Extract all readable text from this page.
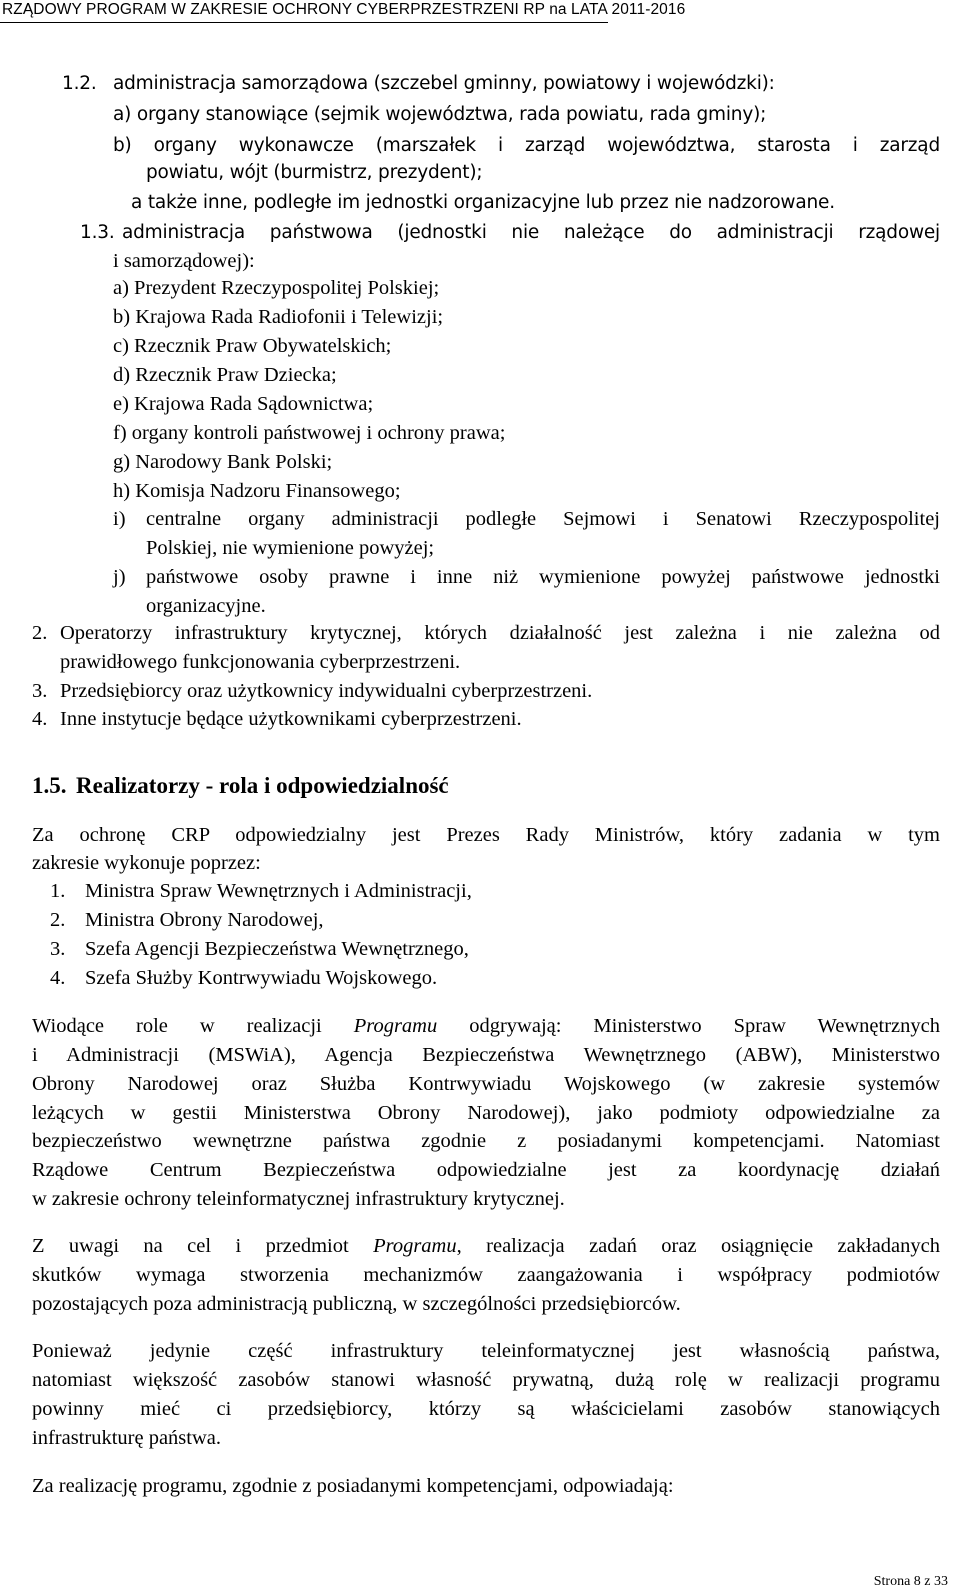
RZĄDOWY PROGRAM W ZAKRESIE OCHRONY CYBERPRZESTRZENI RP na LATA 2011-2016
1.2. administracja samorządowa (szczebel gminny, powiatowy i wojewódzki):
a) organy stanowiące (sejmik województwa, rada powiatu, rada gminy);
b) organy wykonawcze (marszałek i zarząd województwa, starosta i zarząd
powiatu, wójt (burmistrz, prezydent);
a także inne, podległe im jednostki organizacyjne lub przez nie nadzorowane.
1.3. administracja państwowa (jednostki nie należące do administracji rządowej
i samorządowej):
a) Prezydent Rzeczypospolitej Polskiej;
b) Krajowa Rada Radiofonii i Telewizji;
c) Rzecznik Praw Obywatelskich;
d) Rzecznik Praw Dziecka;
e) Krajowa Rada Sądownictwa;
f) organy kontroli państwowej i ochrony prawa;
g) Narodowy Bank Polski;
h) Komisja Nadzoru Finansowego;
i) centralne organy administracji podległe Sejmowi i Senatowi Rzeczypospolitej
Polskiej, nie wymienione powyżej;
j) państwowe osoby prawne i inne niż wymienione powyżej państwowe jednostki
organizacyjne.
2. Operatorzy infrastruktury krytycznej, których działalność jest zależna i nie zależna od
prawidłowego funkcjonowania cyberprzestrzeni.
3. Przedsiębiorcy oraz użytkownicy indywidualni cyberprzestrzeni.
4. Inne instytucje będące użytkownikami cyberprzestrzeni.
1.5. Realizatorzy - rola i odpowiedzialność
Za ochronę CRP odpowiedzialny jest Prezes Rady Ministrów, który zadania w tym
zakresie wykonuje poprzez:
1. Ministra Spraw Wewnętrznych i Administracji,
2. Ministra Obrony Narodowej,
3. Szefa Agencji Bezpieczeństwa Wewnętrznego,
4. Szefa Służby Kontrwywiadu Wojskowego.
Wiodące role w realizacji Programu odgrywają: Ministerstwo Spraw Wewnętrznych
i Administracji (MSWiA), Agencja Bezpieczeństwa Wewnętrznego (ABW), Ministerstwo
Obrony Narodowej oraz Służba Kontrwywiadu Wojskowego (w zakresie systemów
leżących w gestii Ministerstwa Obrony Narodowej), jako podmioty odpowiedzialne za
bezpieczeństwo wewnętrzne państwa zgodnie z posiadanymi kompetencjami. Natomiast
Rządowe Centrum Bezpieczeństwa odpowiedzialne jest za koordynację działań
w zakresie ochrony teleinformatycznej infrastruktury krytycznej.
Z uwagi na cel i przedmiot Programu, realizacja zadań oraz osiągnięcie zakładanych
skutków wymaga stworzenia mechanizmów zaangażowania i współpracy podmiotów
pozostających poza administracją publiczną, w szczególności przedsiębiorców.
Ponieważ jedynie część infrastruktury teleinformatycznej jest własnością państwa,
natomiast większość zasobów stanowi własność prywatną, dużą rolę w realizacji programu
powinny mieć ci przedsiębiorcy, którzy są właścicielami zasobów stanowiących
infrastrukturę państwa.
Za realizację programu, zgodnie z posiadanymi kompetencjami, odpowiadają:
Strona 8 z 33
